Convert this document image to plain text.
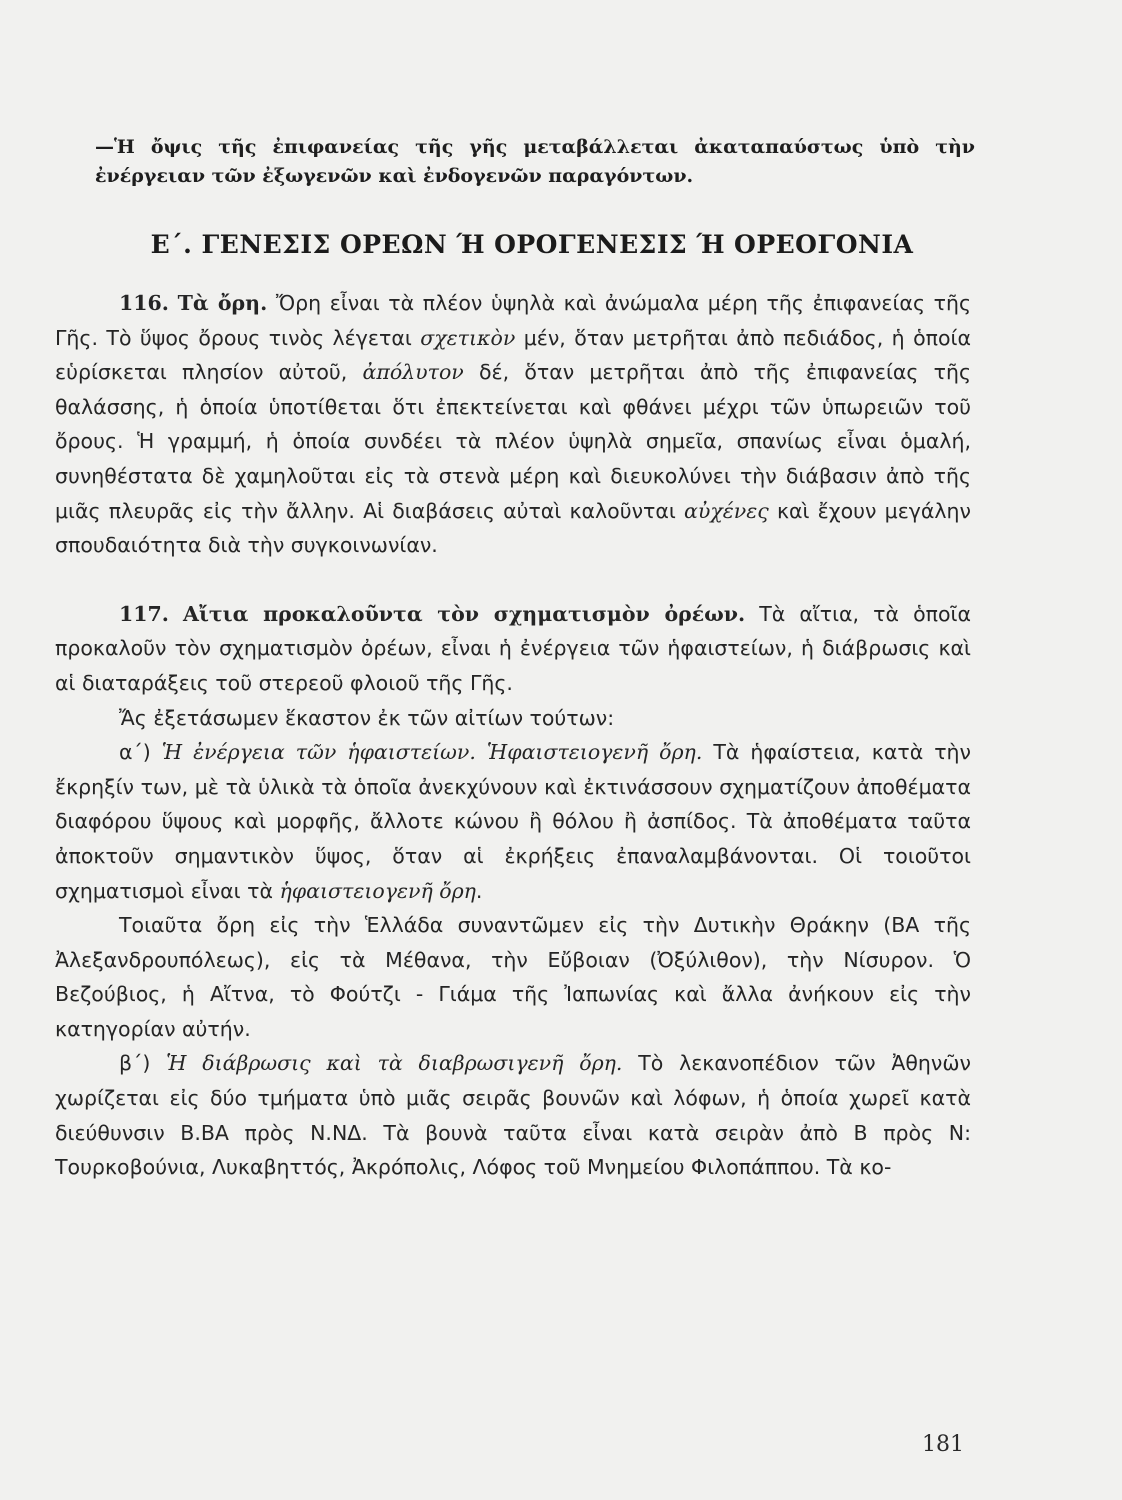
—Ἡ ὄψις τῆς ἐπιφανείας τῆς γῆς μεταβάλλεται ἀκαταπαύστως ὑπὸ τὴν ἐνέργειαν τῶν ἐξωγενῶν καὶ ἐνδογενῶν παραγόντων.
Ε΄. ΓΕΝΕΣΙΣ ΟΡΕΩΝ Ή ΟΡΟΓΕΝΕΣΙΣ Ή ΟΡΕΟΓΟΝΙΑ

116. Τὰ ὄρη. Ὄρη εἶναι τὰ πλέον ὑψηλὰ καὶ ἀνώμαλα μέρη τῆς ἐπιφανείας τῆς Γῆς. Τὸ ὕψος ὄρους τινὸς λέγεται σχετικὸν μέν, ὅταν μετρῆται ἀπὸ πεδιάδος, ἡ ὁποία εὑρίσκεται πλησίον αὐτοῦ, ἀπόλυτον δέ, ὅταν μετρῆται ἀπὸ τῆς ἐπιφανείας τῆς θαλάσσης, ἡ ὁποία ὑποτίθεται ὅτι ἐπεκτείνεται καὶ φθάνει μέχρι τῶν ὑπωρειῶν τοῦ ὄρους. Ἡ γραμμή, ἡ ὁποία συνδέει τὰ πλέον ὑψηλὰ σημεῖα, σπανίως εἶναι ὁμαλή, συνηθέστατα δὲ χαμηλοῦται εἰς τὰ στενὰ μέρη καὶ διευκολύνει τὴν διάβασιν ἀπὸ τῆς μιᾶς πλευρᾶς εἰς τὴν ἄλλην. Αἱ διαβάσεις αὐταὶ καλοῦνται αὐχένες καὶ ἔχουν μεγάλην σπουδαιότητα διὰ τὴν συγκοινωνίαν.

117. Αἴτια προκαλοῦντα τὸν σχηματισμὸν ὀρέων. Τὰ αἴτια, τὰ ὁποῖα προκαλοῦν τὸν σχηματισμὸν ὀρέων, εἶναι ἡ ἐνέργεια τῶν ἡφαιστείων, ἡ διάβρωσις καὶ αἱ διαταράξεις τοῦ στερεοῦ φλοιοῦ τῆς Γῆς.

Ἄς ἐξετάσωμεν ἕκαστον ἐκ τῶν αἰτίων τούτων:

α΄) Ἡ ἐνέργεια τῶν ἡφαιστείων. Ἡφαιστειογενῆ ὄρη. Τὰ ἡφαίστεια, κατὰ τὴν ἔκρηξίν των, μὲ τὰ ὑλικὰ τὰ ὁποῖα ἀνεκχύνουν καὶ ἐκτινάσσουν σχηματίζουν ἀποθέματα διαφόρου ὕψους καὶ μορφῆς, ἄλλοτε κώνου ἢ θόλου ἢ ἀσπίδος. Τὰ ἀποθέματα ταῦτα ἀποκτοῦν σημαντικὸν ὕψος, ὅταν αἱ ἐκρήξεις ἐπαναλαμβάνονται. Οἱ τοιοῦτοι σχηματισμοὶ εἶναι τὰ ἡφαιστειογενῆ ὄρη.

Τοιαῦτα ὄρη εἰς τὴν Ἑλλάδα συναντῶμεν εἰς τὴν Δυτικὴν Θράκην (ΒΑ τῆς Ἀλεξανδρουπόλεως), εἰς τὰ Μέθανα, τὴν Εὔβοιαν (Ὀξύλιθον), τὴν Νίσυρον. Ὁ Βεζούβιος, ἡ Αἴτνα, τὸ Φούτζι - Γιάμα τῆς Ἰαπωνίας καὶ ἄλλα ἀνήκουν εἰς τὴν κατηγορίαν αὐτήν.

β΄) Ἡ διάβρωσις καὶ τὰ διαβρωσιγενῆ ὄρη. Τὸ λεκανοπέδιον τῶν Ἀθηνῶν χωρίζεται εἰς δύο τμήματα ὑπὸ μιᾶς σειρᾶς βουνῶν καὶ λόφων, ἡ ὁποία χωρεῖ κατὰ διεύθυνσιν Β.ΒΑ πρὸς Ν.ΝΔ. Τὰ βουνὰ ταῦτα εἶναι κατὰ σειρὰν ἀπὸ Β πρὸς Ν: Τουρκοβούνια, Λυκαβηττός, Ἀκρόπολις, Λόφος τοῦ Μνημείου Φιλοπάππου. Τὰ κο-

181
